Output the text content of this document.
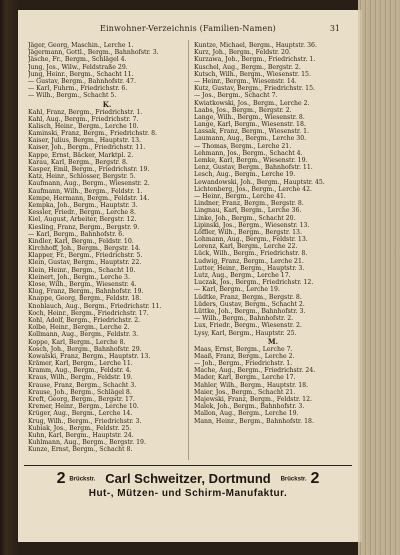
Einwohner-Verzeichnis (Familien-Namen)	31
Jäger, Georg, Maschin., Lerche 1.
Jägermann, Gottl., Bergm., Bahnhofstr. 3.
Jäsche, Fr., Bergm., Schlägel 4.
Jung, Jos., Wilw., Feldstraße 29.
Jung, Heinr., Bergm., Schacht 11.
— Gustav, Bergm., Bahnhofstr. 47.
— Karl, Fuhrm., Friedrichstr. 6.
— Wilh., Bergm., Schacht 5.
K.
Kahl, Franz, Bergm., Friedrichstr. 1.
Kahl, Aug., Bergm., Friedrichstr. 7.
Kalisch, Heinr., Bergm., Lerche 10.
Kaminski, Franz, Bergm., Friedrichstr. 8.
Kaiser, Julius, Bergm., Hauptstr. 13.
Kaiser, Joh., Bergm., Friedrichstr. 11.
Kappe, Ernst, Bäcker, Marktpl. 2.
Karau, Karl, Bergm., Bergstr. 8.
Kasper, Emil, Bergm., Friedrichstr. 19.
Katz, Heinr., Schlosser, Bergstr. 5.
Kaufmann, Aug., Bergm., Wiesenstr. 2.
Kaufmann, Wilh., Bergm., Feldstr. 1.
Kempe, Hermann, Bergm., Feldstr. 14.
Kempka, Joh., Bergm., Hauptstr. 3.
Kessler, Friedr., Bergm., Lerche 8.
Kiel, August, Arbeiter, Bergstr. 12.
Kiesling, Franz, Bergm., Bergstr. 9.
— Karl, Bergm., Bahnhofstr. 6.
Kindler, Karl, Bergm., Feldstr. 10.
Kirchhoff, Joh., Bergm., Bergstr. 14.
Klapper, Fr., Bergm., Friedrichstr. 5.
Klein, Gustav, Bergm., Hauptstr. 22.
Klein, Heinr., Bergm., Schacht 10.
Kleinert, Joh., Bergm., Lerche 3.
Klose, Wilh., Bergm., Wiesenstr. 4.
Klug, Franz, Bergm., Bahnhofstr. 19.
Knappe, Georg, Bergm., Feldstr. 18.
Knoblauch, Aug., Bergm., Friedrichstr. 11.
Koch, Heinr., Bergm., Friedrichstr. 17.
Kohl, Adolf, Bergm., Friedrichstr. 2.
Kolbe, Heinr., Bergm., Lerche 2.
Kollmann, Aug., Bergm., Feldstr. 3.
Koppe, Karl, Bergm., Lerche 8.
Kosch, Joh., Bergm., Bahnhofstr. 29.
Kowalski, Franz, Bergm., Hauptstr. 13.
Krämer, Karl, Bergm., Lerche 11.
Kramm, Aug., Bergm., Feldstr. 4.
Kraus, Wilh., Bergm., Feldstr. 19.
Krause, Franz, Bergm., Schacht 3.
Krause, Joh., Bergm., Schlägel 8.
Kreft, Georg, Bergm., Bergstr. 17.
Kremer, Heinr., Bergm., Lerche 10.
Krüger, Aug., Bergm., Lerche 14.
Krug, Wilh., Bergm., Friedrichstr. 3.
Kubiak, Jos., Bergm., Feldstr. 25.
Kuhn, Karl, Bergm., Hauptstr. 24.
Kuhlmann, Aug., Bergm., Bergstr. 19.
Kunze, Ernst, Bergm., Schacht 8.
Kuntze, Michael, Bergm., Hauptstr. 36.
Kurz, Joh., Bergm., Feldstr. 20.
Kurzawa, Joh., Bergm., Friedrichstr. 1.
Kuschel, Aug., Bergm., Bergstr. 2.
Kutsch, Wilh., Bergm., Wiesenstr. 15.
— Heinr., Bergm., Wiesenstr. 14.
Kutz, Gustav, Bergm., Friedrichstr. 15.
— Jos., Bergm., Schacht 7.
Kwiatkowski, Jos., Bergm., Lerche 2.
Laabs, Jos., Bergm., Bergstr. 2.
Lange, Wilh., Bergm., Wiesenstr. 8.
Lange, Karl, Bergm., Wiesenstr. 18.
Lassak, Franz, Bergm., Wiesenstr. 1.
Laumann, Aug., Bergm., Lerche 30.
— Thomas, Bergm., Lerche 21.
Lehmann, Jos., Bergm., Schacht 4.
Lemke, Karl, Bergm., Wiesenstr. 19.
Lenz, Gustav, Bergm., Bahnhofstr. 11.
Lesch, Aug., Bergm., Lerche 19.
Lewandowski, Joh., Bergm., Hauptstr. 45.
Lichtenberg, Jos., Bergm., Lerche 42.
— Heinr., Bergm., Lerche 41.
Lindner, Franz, Bergm., Bergstr. 8.
Lingnau, Karl, Bergm., Lerche 36.
Linke, Joh., Bergm., Schacht 20.
Lipinski, Jos., Bergm., Wiesenstr. 13.
Löffler, Wilh., Bergm., Bergstr. 13.
Lohmann, Aug., Bergm., Feldstr. 13.
Lorenz, Karl, Bergm., Lerche 22.
Lück, Wilh., Bergm., Friedrichstr. 8.
Ludwig, Franz, Bergm., Lerche 21.
Lutter, Heinr., Bergm., Hauptstr. 3.
Lutz, Aug., Bergm., Lerche 17.
Luczak, Jos., Bergm., Friedrichstr. 12.
— Karl, Bergm., Lerche 19.
Lüdtke, Franz, Bergm., Bergstr. 8.
Lüders, Gustav, Bergm., Schacht 2.
Lüttke, Joh., Bergm., Bahnhofstr. 3.
— Wilh., Bergm., Bahnhofstr. 2.
Lux, Friedr., Bergm., Wiesenstr. 2.
Lysy, Karl, Bergm., Hauptstr. 25.
M.
Maas, Ernst, Bergm., Lerche 7.
Maaß, Franz, Bergm., Lerche 2.
— Joh., Bergm., Friedrichstr. 1.
Mache, Aug., Bergm., Friedrichstr. 24.
Mader, Karl, Bergm., Lerche 17.
Mahler, Wilh., Bergm., Hauptstr. 18.
Maier, Jos., Bergm., Schacht 21.
Majewski, Franz, Bergm., Feldstr. 12.
Malek, Joh., Bergm., Bahnhofstr. 3.
Mallon, Aug., Bergm., Lerche 19.
Mann, Heinr., Bergm., Bahnhofstr. 18.
2 Brückstr. Carl Schweitzer, Dortmund Brückstr. 2
Hut-, Mützen- und Schirm-Manufaktur.
